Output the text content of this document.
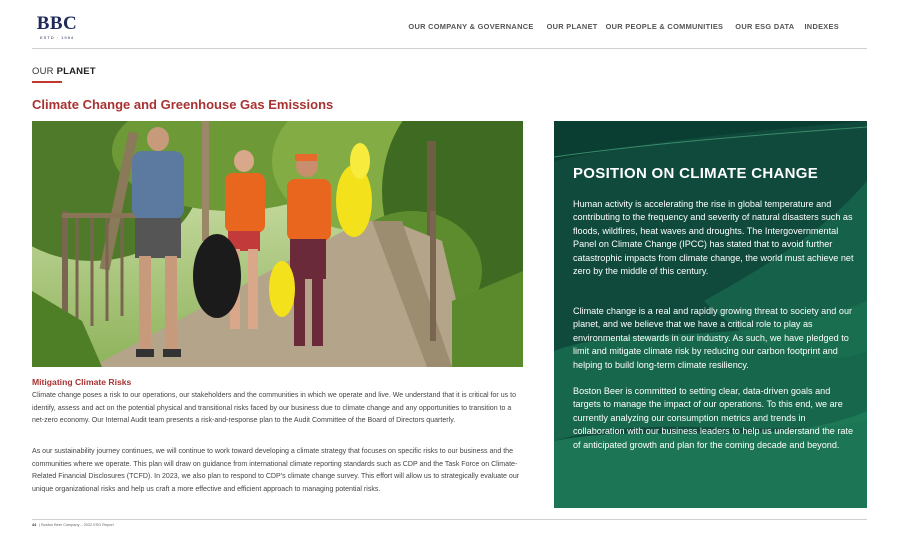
BBC
ESTD · 1984
OUR COMPANY & GOVERNANCE OUR PLANET OUR PEOPLE & COMMUNITIES OUR ESG DATA INDEXES
OUR PLANET
Climate Change and Greenhouse Gas Emissions
Mitigating Climate Risks

Climate change poses a risk to our operations, our stakeholders and the communities in which we operate and live. We understand that it is critical for us to identify, assess and act on the potential physical and transitional risks faced by our business due to climate change and any opportunities to transition to a net-zero economy. Our Internal Audit team presents a risk-and-response plan to the Audit Committee of the Board of Directors quarterly.

As our sustainability journey continues, we will continue to work toward developing a climate strategy that focuses on specific risks to our business and the communities where we operate. This plan will draw on guidance from international climate reporting standards such as CDP and the Task Force on Climate-Related Financial Disclosures (TCFD). In 2023, we also plan to respond to CDP’s climate change survey. This effort will allow us to strategically evaluate our unique organizational risks and help us craft a more effective and efficient approach to managing potential risks.

POSITION ON CLIMATE CHANGE

Human activity is accelerating the rise in global temperature and contributing to the frequency and severity of natural disasters such as floods, wildfires, heat waves and droughts. The Intergovernmental Panel on Climate Change (IPCC) has stated that to avoid further catastrophic impacts from climate change, the world must achieve net zero by the middle of this century.

Climate change is a real and rapidly growing threat to society and our planet, and we believe that we have a critical role to play as environmental stewards in our industry. As such, we have pledged to limit and mitigate climate risk by reducing our carbon footprint and helping to build long-term climate resiliency.

Boston Beer is committed to setting clear, data-driven goals and targets to manage the impact of our operations. To this end, we are currently analyzing our consumption metrics and trends in collaboration with our business leaders to help us understand the rate of anticipated growth and plan for the coming decade and beyond.

44 | Boston Beer Company – 2022 ESG Report
